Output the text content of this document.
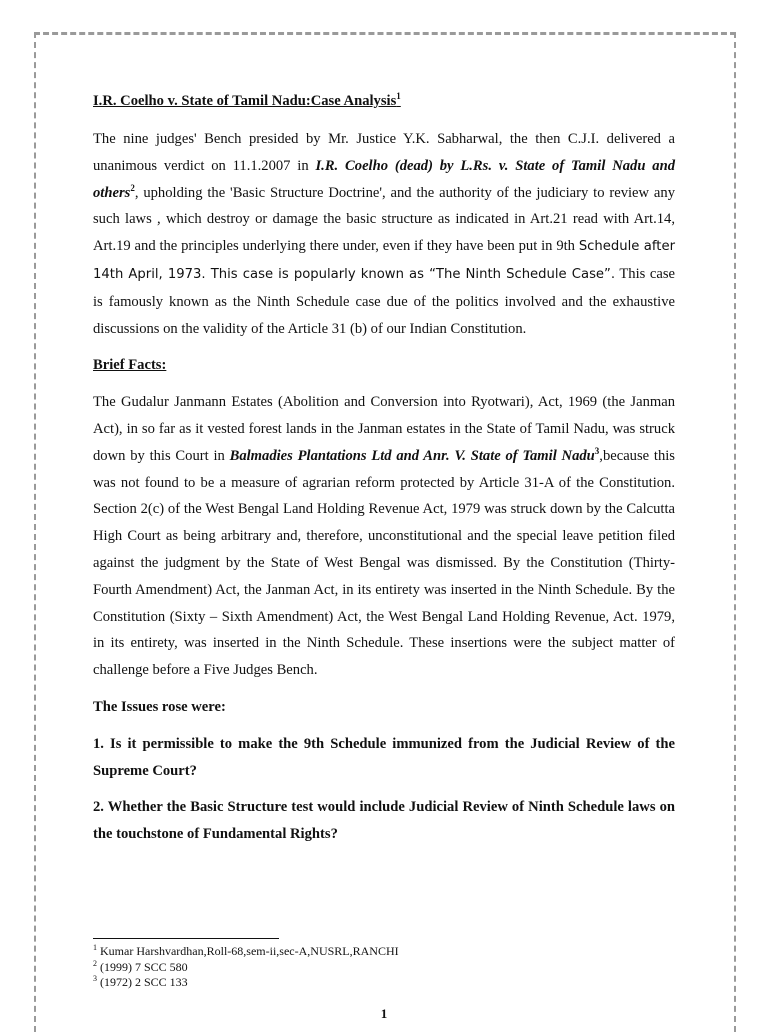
I.R. Coelho v. State of Tamil Nadu:Case Analysis$^1$

The nine judges' Bench presided by Mr. Justice Y.K. Sabharwal, the then C.J.I. delivered a unanimous verdict on 11.1.2007 in I.R. Coelho (dead) by L.Rs. v. State of Tamil Nadu and others$^2$, upholding the 'Basic Structure Doctrine', and the authority of the judiciary to review any such laws , which destroy or damage the basic structure as indicated in Art.21 read with Art.14, Art.19 and the principles underlying there under, even if they have been put in 9th Schedule after 14th April, 1973. This case is popularly known as “The Ninth Schedule Case”. This case is famously known as the Ninth Schedule case due of the politics involved and the exhaustive discussions on the validity of the Article 31 (b) of our Indian Constitution.

Brief Facts:

The Gudalur Janmann Estates (Abolition and Conversion into Ryotwari), Act, 1969 (the Janman Act), in so far as it vested forest lands in the Janman estates in the State of Tamil Nadu, was struck down by this Court in Balmadies Plantations Ltd and Anr. V. State of Tamil Nadu$^3$,because this was not found to be a measure of agrarian reform protected by Article 31-A of the Constitution. Section 2(c) of the West Bengal Land Holding Revenue Act, 1979 was struck down by the Calcutta High Court as being arbitrary and, therefore, unconstitutional and the special leave petition filed against the judgment by the State of West Bengal was dismissed. By the Constitution (Thirty-Fourth Amendment) Act, the Janman Act, in its entirety was inserted in the Ninth Schedule. By the Constitution (Sixty – Sixth Amendment) Act, the West Bengal Land Holding Revenue, Act. 1979, in its entirety, was inserted in the Ninth Schedule. These insertions were the subject matter of challenge before a Five Judges Bench.

The Issues rose were:

1. Is it permissible to make the 9th Schedule immunized from the Judicial Review of the Supreme Court?

2. Whether the Basic Structure test would include Judicial Review of Ninth Schedule laws on the touchstone of Fundamental Rights?

$^1$ Kumar Harshvardhan,Roll-68,sem-ii,sec-A,NUSRL,RANCHI
$^2$ (1999) 7 SCC 580
$^3$ (1972) 2 SCC 133
1
